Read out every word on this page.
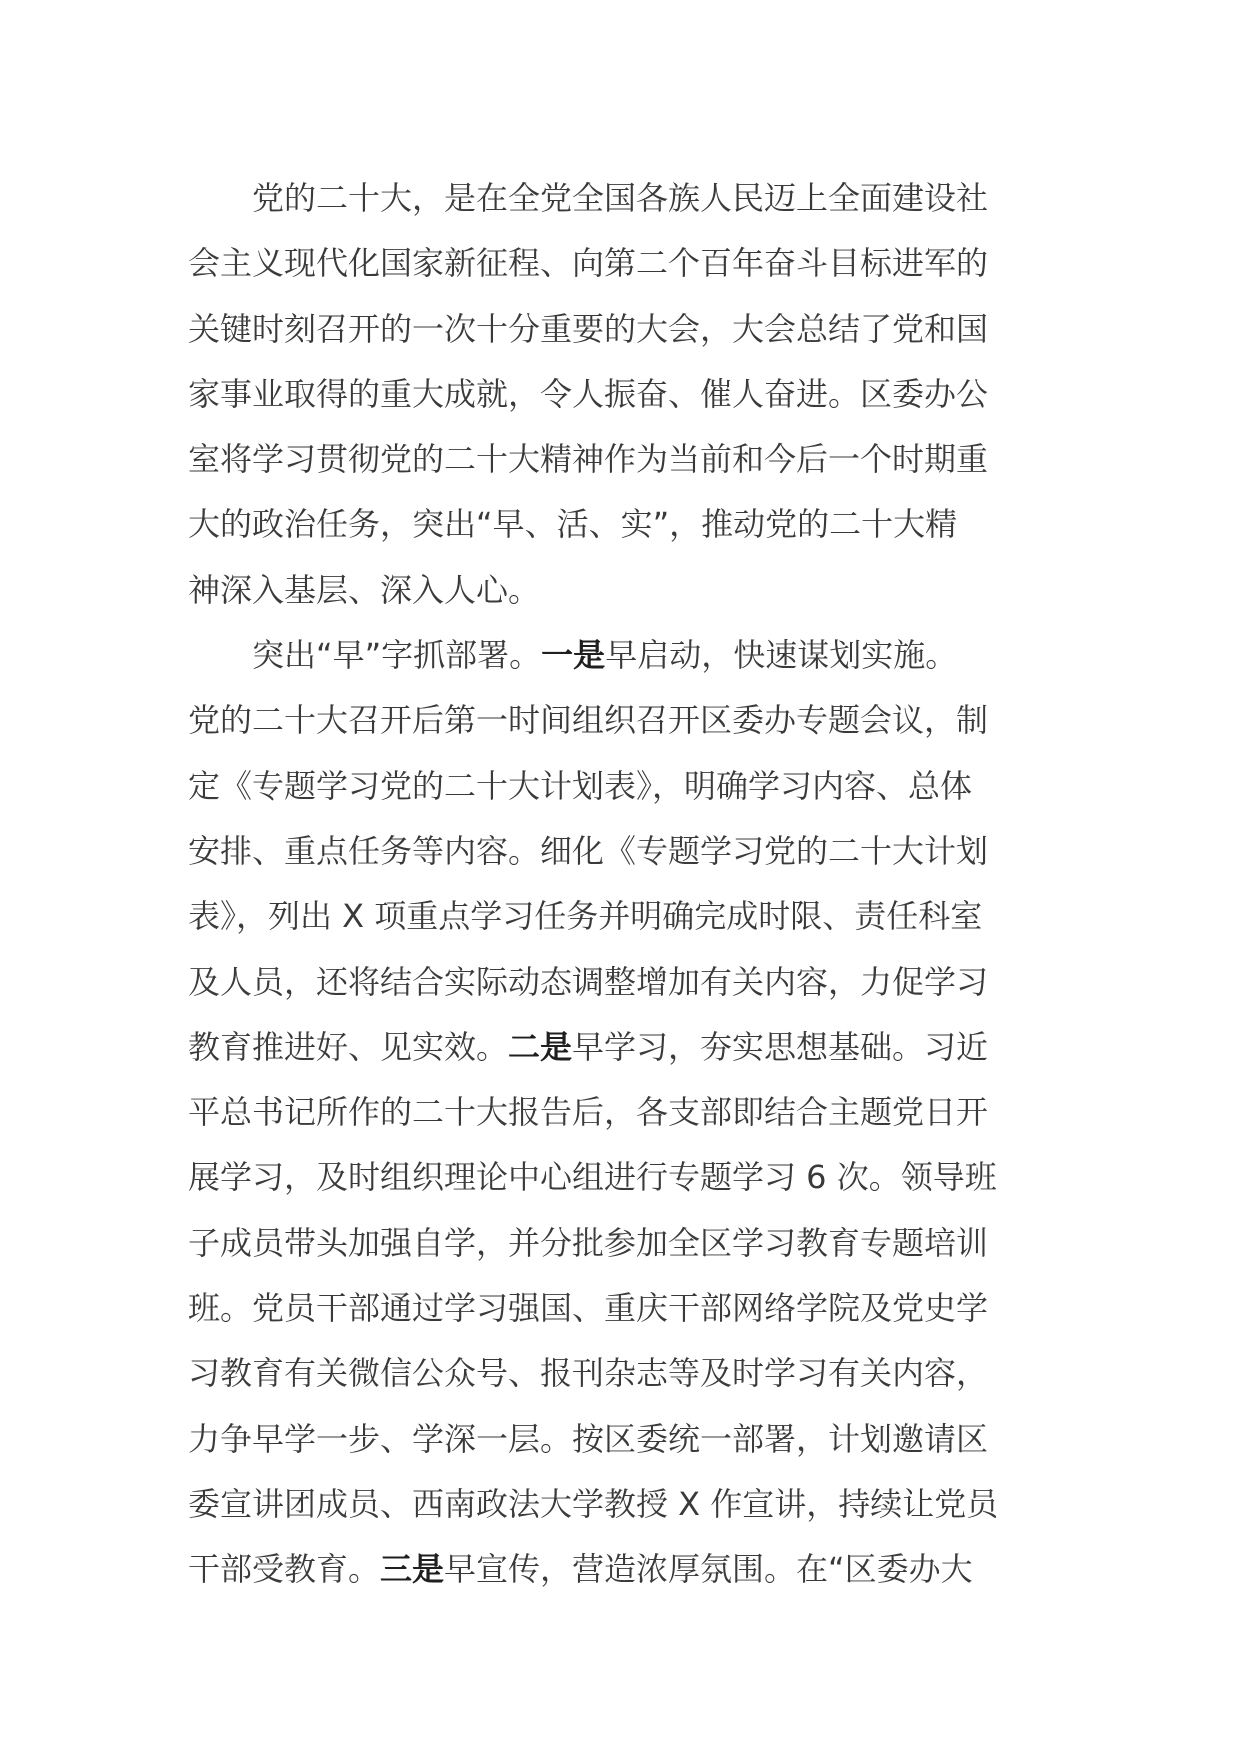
党的二十大，是在全党全国各族人民迈上全面建设社
会主义现代化国家新征程、向第二个百年奋斗目标进军的
关键时刻召开的一次十分重要的大会，大会总结了党和国
家事业取得的重大成就，令人振奋、催人奋进。区委办公
室将学习贯彻党的二十大精神作为当前和今后一个时期重
大的政治任务，突出“早、活、实”，推动党的二十大精
神深入基层、深入人心。
突出“早”字抓部署。一是早启动，快速谋划实施。
党的二十大召开后第一时间组织召开区委办专题会议，制
定《专题学习党的二十大计划表》，明确学习内容、总体
安排、重点任务等内容。细化《专题学习党的二十大计划
表》，列出 X 项重点学习任务并明确完成时限、责任科室
及人员，还将结合实际动态调整增加有关内容，力促学习
教育推进好、见实效。二是早学习，夯实思想基础。习近
平总书记所作的二十大报告后，各支部即结合主题党日开
展学习，及时组织理论中心组进行专题学习 6 次。领导班
子成员带头加强自学，并分批参加全区学习教育专题培训
班。党员干部通过学习强国、重庆干部网络学院及党史学
习教育有关微信公众号、报刊杂志等及时学习有关内容，
力争早学一步、学深一层。按区委统一部署，计划邀请区
委宣讲团成员、西南政法大学教授 X 作宣讲，持续让党员
干部受教育。三是早宣传，营造浓厚氛围。在“区委办大
